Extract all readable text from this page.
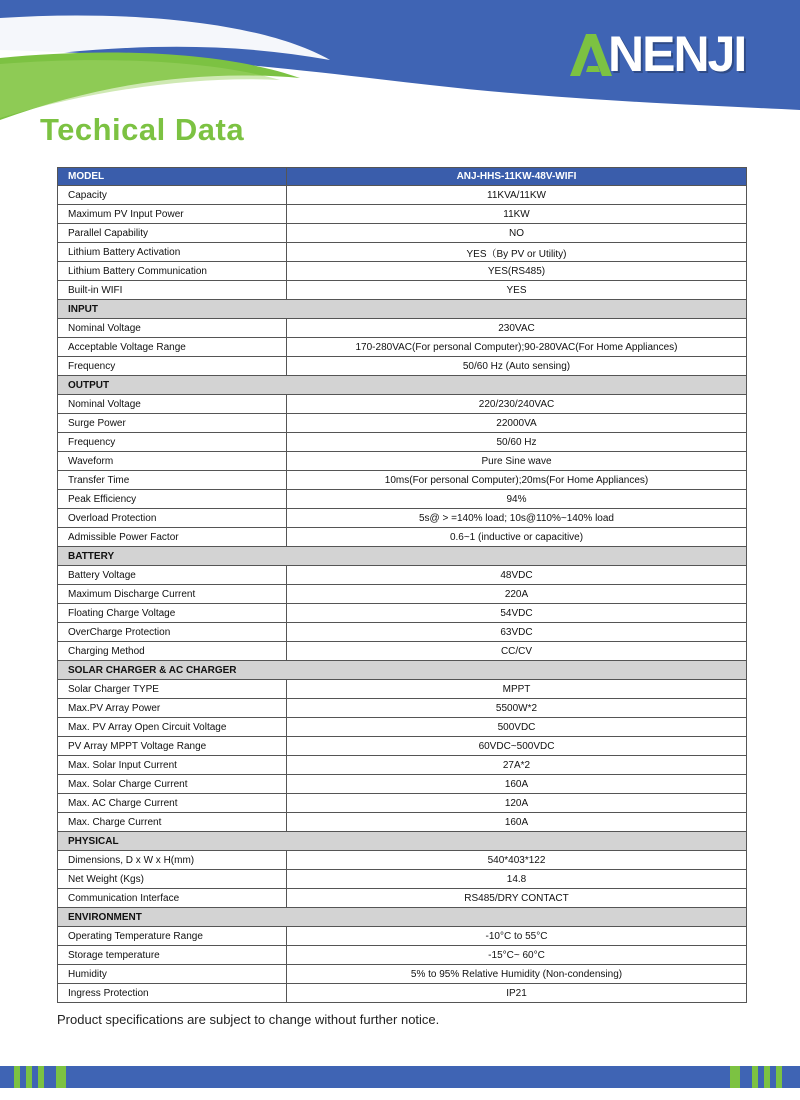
NENJI
Techical Data
MODEL	ANJ-HHS-11KW-48V-WIFI
Capacity	11KVA/11KW
Maximum PV Input Power	11KW
Parallel Capability	NO
Lithium Battery Activation	YES（By PV or Utility)
Lithium Battery Communication	YES(RS485)
Built-in WIFI	YES
INPUT	
Nominal Voltage	230VAC
Acceptable Voltage Range	170-280VAC(For personal Computer);90-280VAC(For Home Appliances)
Frequency	50/60 Hz (Auto sensing)
OUTPUT	
Nominal Voltage	220/230/240VAC
Surge Power	22000VA
Frequency	50/60 Hz
Waveform	Pure Sine wave
Transfer Time	10ms(For personal Computer);20ms(For Home Appliances)
Peak Efficiency	94%
Overload Protection	5s@ > =140% load; 10s@110%~140% load
Admissible Power Factor	0.6~1 (inductive or capacitive)
BATTERY	
Battery Voltage	48VDC
Maximum Discharge Current	220A
Floating Charge Voltage	54VDC
OverCharge Protection	63VDC
Charging Method	CC/CV
SOLAR CHARGER & AC CHARGER	
Solar Charger TYPE	MPPT
Max.PV Array Power	5500W*2
Max. PV Array Open Circuit Voltage	500VDC
PV Array MPPT Voltage Range	60VDC~500VDC
Max. Solar Input Current	27A*2
Max. Solar Charge Current	160A
Max. AC Charge Current	120A
Max. Charge Current	160A
PHYSICAL	
Dimensions, D x W x H(mm)	540*403*122
Net Weight (Kgs)	14.8
Communication Interface	RS485/DRY CONTACT
ENVIRONMENT	
Operating Temperature Range	-10°C to 55°C
Storage temperature	-15°C~ 60°C
Humidity	5% to 95% Relative Humidity (Non-condensing)
Ingress Protection	IP21
Product specifications are subject to change without further notice.
